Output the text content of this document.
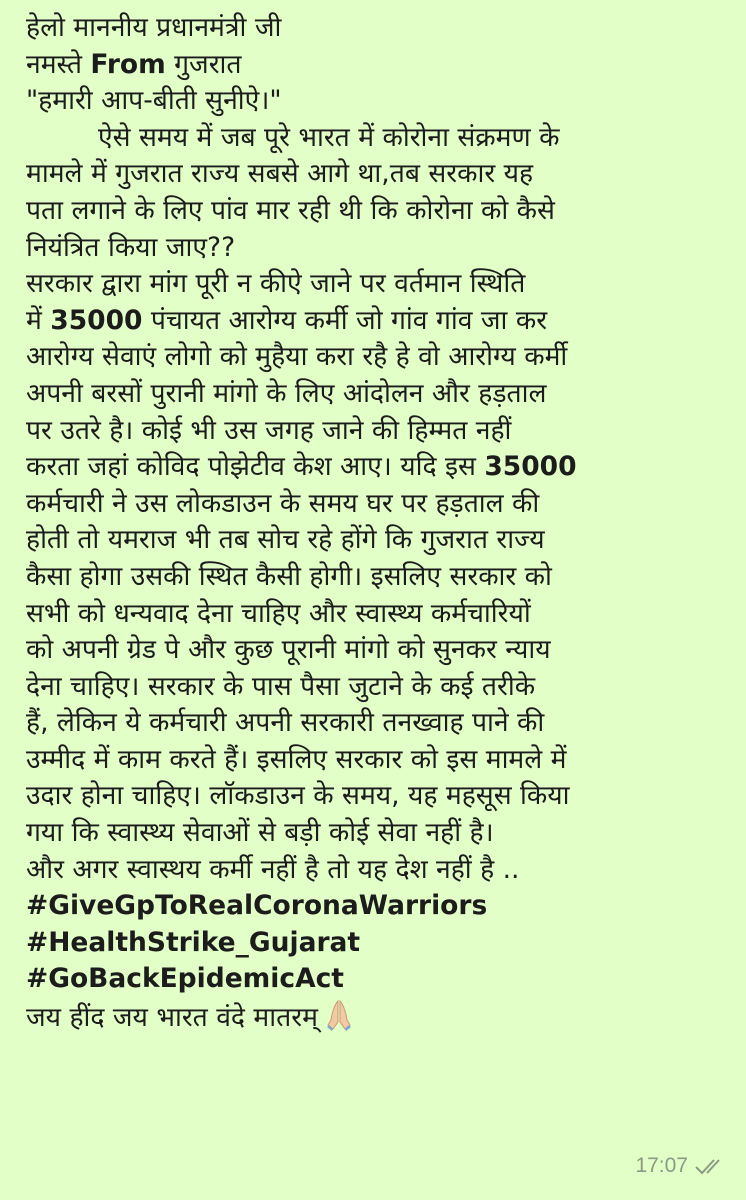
हेलो माननीय प्रधानमंत्री जी
नमस्ते From गुजरात
"हमारी आप-बीती सुनीऐ।"
ऐसे समय में जब पूरे भारत में कोरोना संक्रमण के
मामले में गुजरात राज्य सबसे आगे था,तब सरकार यह
पता लगाने के लिए पांव मार रही थी कि कोरोना को कैसे
नियंत्रित किया जाए??
सरकार द्वारा मांग पूरी न कीऐ जाने पर वर्तमान स्थिति
में 35000 पंचायत आरोग्य कर्मी जो गांव गांव जा कर
आरोग्य सेवाएं लोगो को मुहैया करा रहै हे वो आरोग्य कर्मी
अपनी बरसों पुरानी मांगो के लिए आंदोलन और हड़ताल
पर उतरे है। कोई भी उस जगह जाने की हिम्मत नहीं
करता जहां कोविद पोझेटीव केश आए। यदि इस 35000
कर्मचारी ने उस लोकडाउन के समय घर पर हड़ताल की
होती तो यमराज भी तब सोच रहे होंगे कि गुजरात राज्य
कैसा होगा उसकी स्थित कैसी होगी। इसलिए सरकार को
सभी को धन्यवाद देना चाहिए और स्वास्थ्य कर्मचारियों
को अपनी ग्रेड पे और कुछ पूरानी मांगो को सुनकर न्याय
देना चाहिए। सरकार के पास पैसा जुटाने के कई तरीके
हैं, लेकिन ये कर्मचारी अपनी सरकारी तनख्वाह पाने की
उम्मीद में काम करते हैं। इसलिए सरकार को इस मामले में
उदार होना चाहिए। लॉकडाउन के समय, यह महसूस किया
गया कि स्वास्थ्य सेवाओं से बड़ी कोई सेवा नहीं है।
और अगर स्वास्थय कर्मी नहीं है तो यह देश नहीं है ..
#GiveGpToRealCoronaWarriors
#HealthStrike_Gujarat
#GoBackEpidemicAct
जय हींद जय भारत वंदे मातरम्
17:07
